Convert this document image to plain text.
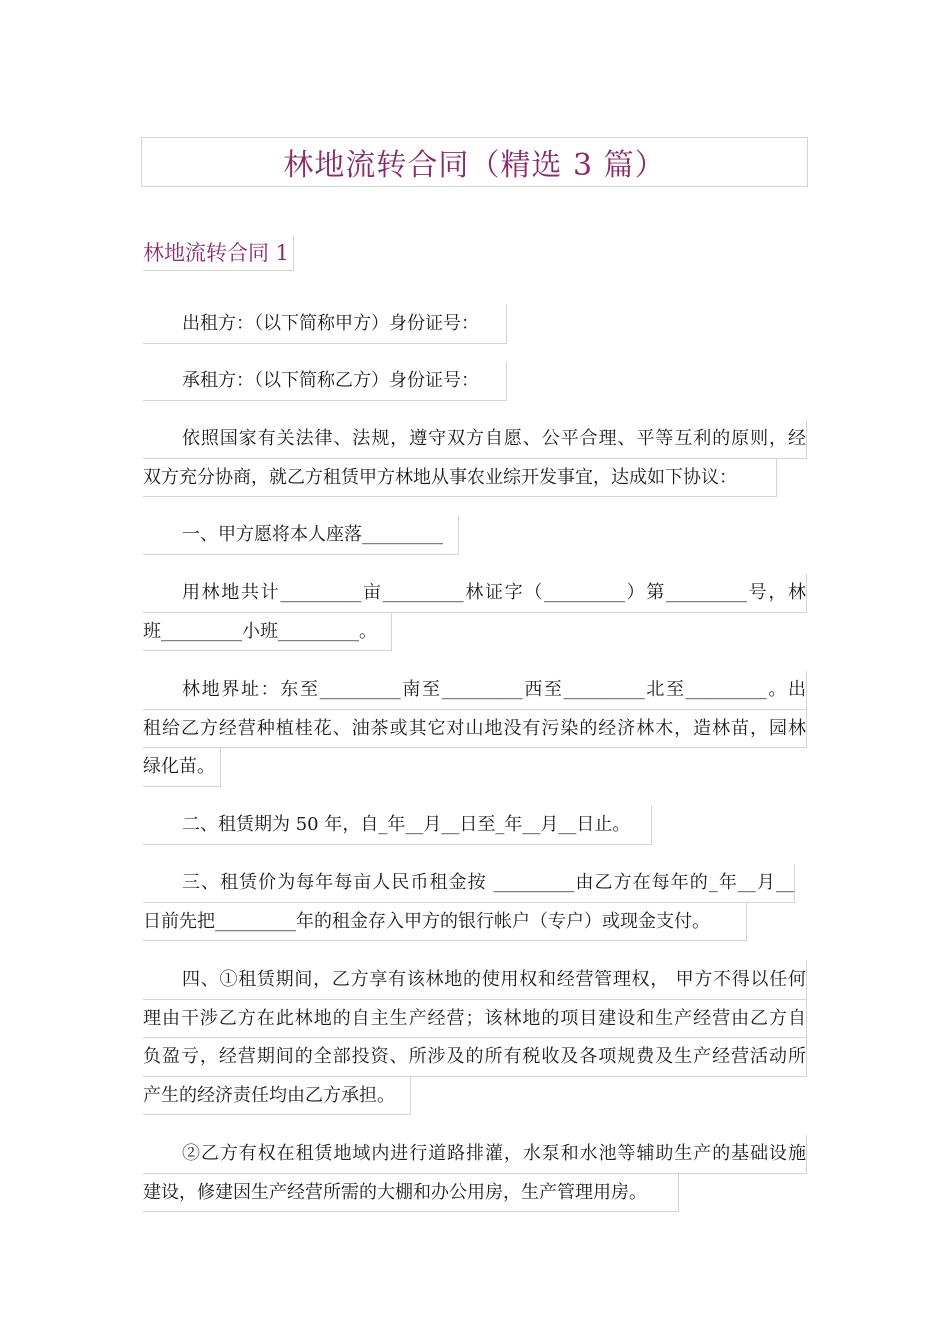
林地流转合同（精选 3 篇）
林地流转合同 1
出租方：（以下简称甲方）身份证号：
承租方：（以下简称乙方）身份证号：
依照国家有关法律、法规，遵守双方自愿、公平合理、平等互利的原则，经
双方充分协商，就乙方租赁甲方林地从事农业综开发事宜，达成如下协议：
一、甲方愿将本人座落_________
用林地共计_________亩_________林证字（_________）第_________号，林
班_________小班_________。
林地界址：东至_________南至_________西至_________北至_________。出
租给乙方经营种植桂花、油茶或其它对山地没有污染的经济林木，造林苗，园林
绿化苗。
二、租赁期为 50 年，自_年__月__日至_年__月__日止。
三、租赁价为每年每亩人民币租金按 _________由乙方在每年的_年__月__
日前先把_________年的租金存入甲方的银行帐户（专户）或现金支付。
四、①租赁期间，乙方享有该林地的使用权和经营管理权， 甲方不得以任何
理由干涉乙方在此林地的自主生产经营；该林地的项目建设和生产经营由乙方自
负盈亏，经营期间的全部投资、所涉及的所有税收及各项规费及生产经营活动所
产生的经济责任均由乙方承担。
②乙方有权在租赁地域内进行道路排灌，水泵和水池等辅助生产的基础设施
建设，修建因生产经营所需的大棚和办公用房，生产管理用房。
